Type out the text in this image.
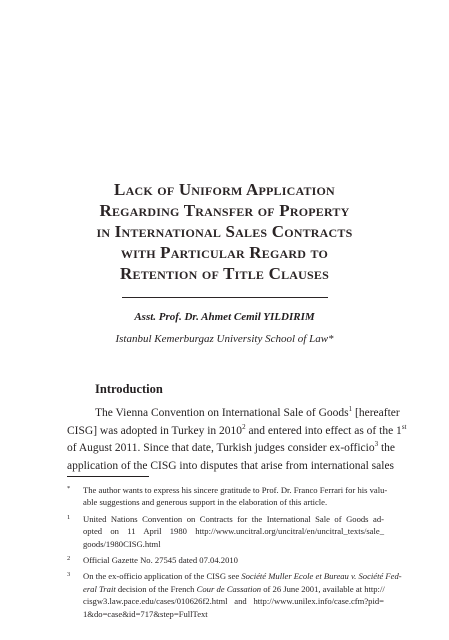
Lack of Uniform Application
Regarding Transfer of Property
in International Sales Contracts
with Particular Regard to
Retention of Title Clauses
Asst. Prof. Dr. Ahmet Cemil YILDIRIM
Istanbul Kemerburgaz University School of Law*
Introduction
The Vienna Convention on International Sale of Goods$^1$ [hereafter
CISG] was adopted in Turkey in 2010$^2$ and entered into effect as of the 1st
of August 2011. Since that date, Turkish judges consider ex-officio$^3$ the
application of the CISG into disputes that arise from international sales
* The author wants to express his sincere gratitude to Prof. Dr. Franco Ferrari for his valu-
able suggestions and generous support in the elaboration of this article.
1 United Nations Convention on Contracts for the International Sale of Goods ad-
opted on 11 April 1980 http://www.uncitral.org/uncitral/en/uncitral_texts/sale_
goods/1980CISG.html
2 Official Gazette No. 27545 dated 07.04.2010
3 On the ex-officio application of the CISG see Société Muller Ecole et Bureau v. Société Fed-
eral Trait decision of the French Cour de Cassation of 26 June 2001, available at http://
cisgw3.law.pace.edu/cases/010626f2.html and http://www.unilex.info/case.cfm?pid=
1&do=case&id=717&step=FullText
